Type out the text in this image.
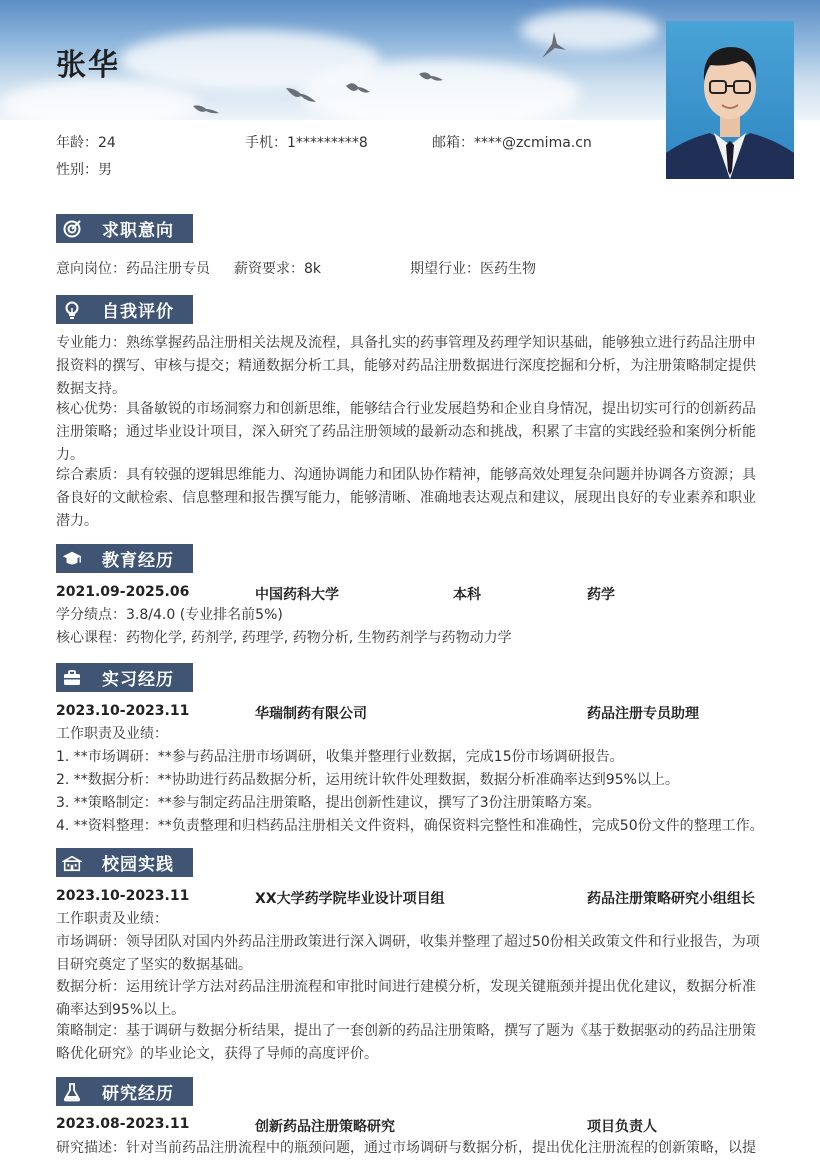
张华
年龄：24	手机：1*********8	邮箱：****@zcmima.cn
性别：男
求职意向
意向岗位：药品注册专员 薪资要求：8k	期望行业：医药生物
自我评价
专业能力：熟练掌握药品注册相关法规及流程，具备扎实的药事管理及药理学知识基础，能够独立进行药品注册申报资料的撰写、审核与提交；精通数据分析工具，能够对药品注册数据进行深度挖掘和分析，为注册策略制定提供数据支持。
核心优势：具备敏锐的市场洞察力和创新思维，能够结合行业发展趋势和企业自身情况，提出切实可行的创新药品注册策略；通过毕业设计项目，深入研究了药品注册领域的最新动态和挑战，积累了丰富的实践经验和案例分析能力。
综合素质：具有较强的逻辑思维能力、沟通协调能力和团队协作精神，能够高效处理复杂问题并协调各方资源；具备良好的文献检索、信息整理和报告撰写能力，能够清晰、准确地表达观点和建议，展现出良好的专业素养和职业潜力。
教育经历
2021.09-2025.06	中国药科大学	本科	药学
学分绩点：3.8/4.0 (专业排名前5%)
核心课程：药物化学, 药剂学, 药理学, 药物分析, 生物药剂学与药物动力学
实习经历
2023.10-2023.11	华瑞制药有限公司	药品注册专员助理
工作职责及业绩：
1. **市场调研：**参与药品注册市场调研，收集并整理行业数据，完成15份市场调研报告。
2. **数据分析：**协助进行药品数据分析，运用统计软件处理数据，数据分析准确率达到95%以上。
3. **策略制定：**参与制定药品注册策略，提出创新性建议，撰写了3份注册策略方案。
4. **资料整理：**负责整理和归档药品注册相关文件资料，确保资料完整性和准确性，完成50份文件的整理工作。
校园实践
2023.10-2023.11	XX大学药学院毕业设计项目组	药品注册策略研究小组组长
工作职责及业绩：
市场调研：领导团队对国内外药品注册政策进行深入调研，收集并整理了超过50份相关政策文件和行业报告，为项目研究奠定了坚实的数据基础。
数据分析：运用统计学方法对药品注册流程和审批时间进行建模分析，发现关键瓶颈并提出优化建议，数据分析准确率达到95%以上。
策略制定：基于调研与数据分析结果，提出了一套创新的药品注册策略，撰写了题为《基于数据驱动的药品注册策略优化研究》的毕业论文，获得了导师的高度评价。
研究经历
2023.08-2023.11	创新药品注册策略研究	项目负责人
研究描述：针对当前药品注册流程中的瓶颈问题，通过市场调研与数据分析，提出优化注册流程的创新策略，以提
